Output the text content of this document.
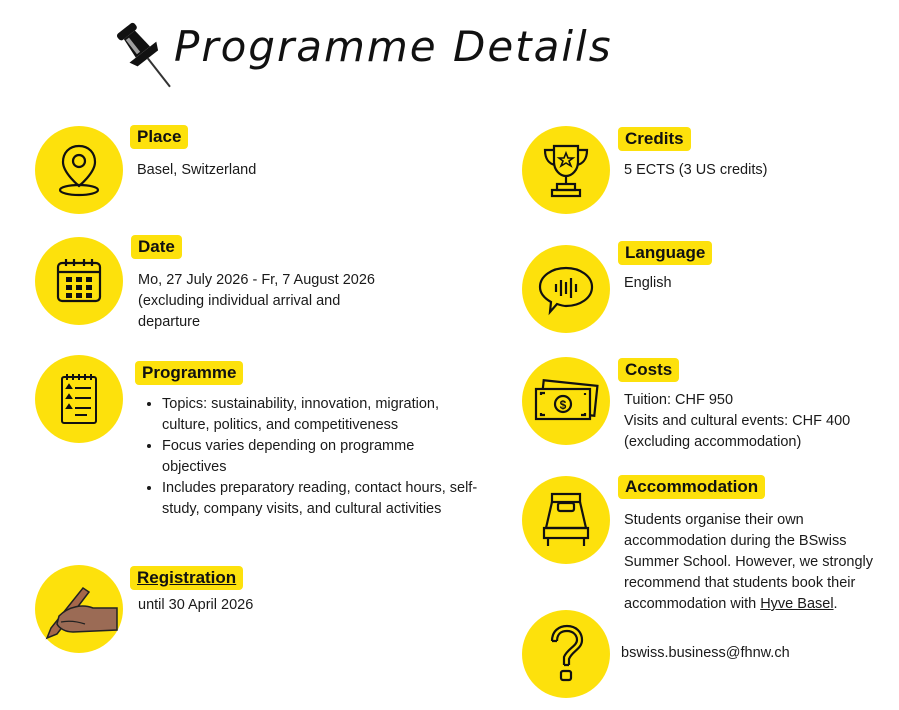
Programme Details
Place
Basel, Switzerland
Date
Mo, 27 July 2026 - Fr, 7 August 2026
(excluding individual arrival and
departure
Programme
• Topics: sustainability, innovation, migration, culture, politics, and competitiveness
• Focus varies depending on programme objectives
• Includes preparatory reading, contact hours, self-study, company visits, and cultural activities
Registration
until 30 April 2026
Credits
5 ECTS (3 US credits)
Language
English
$
Costs
Tuition: CHF 950
Visits and cultural events: CHF 400
(excluding accommodation)
Accommodation
Students organise their own accommodation during the BSwiss Summer School. However, we strongly recommend that students book their accommodation with Hyve Basel.
bswiss.business@fhnw.ch
